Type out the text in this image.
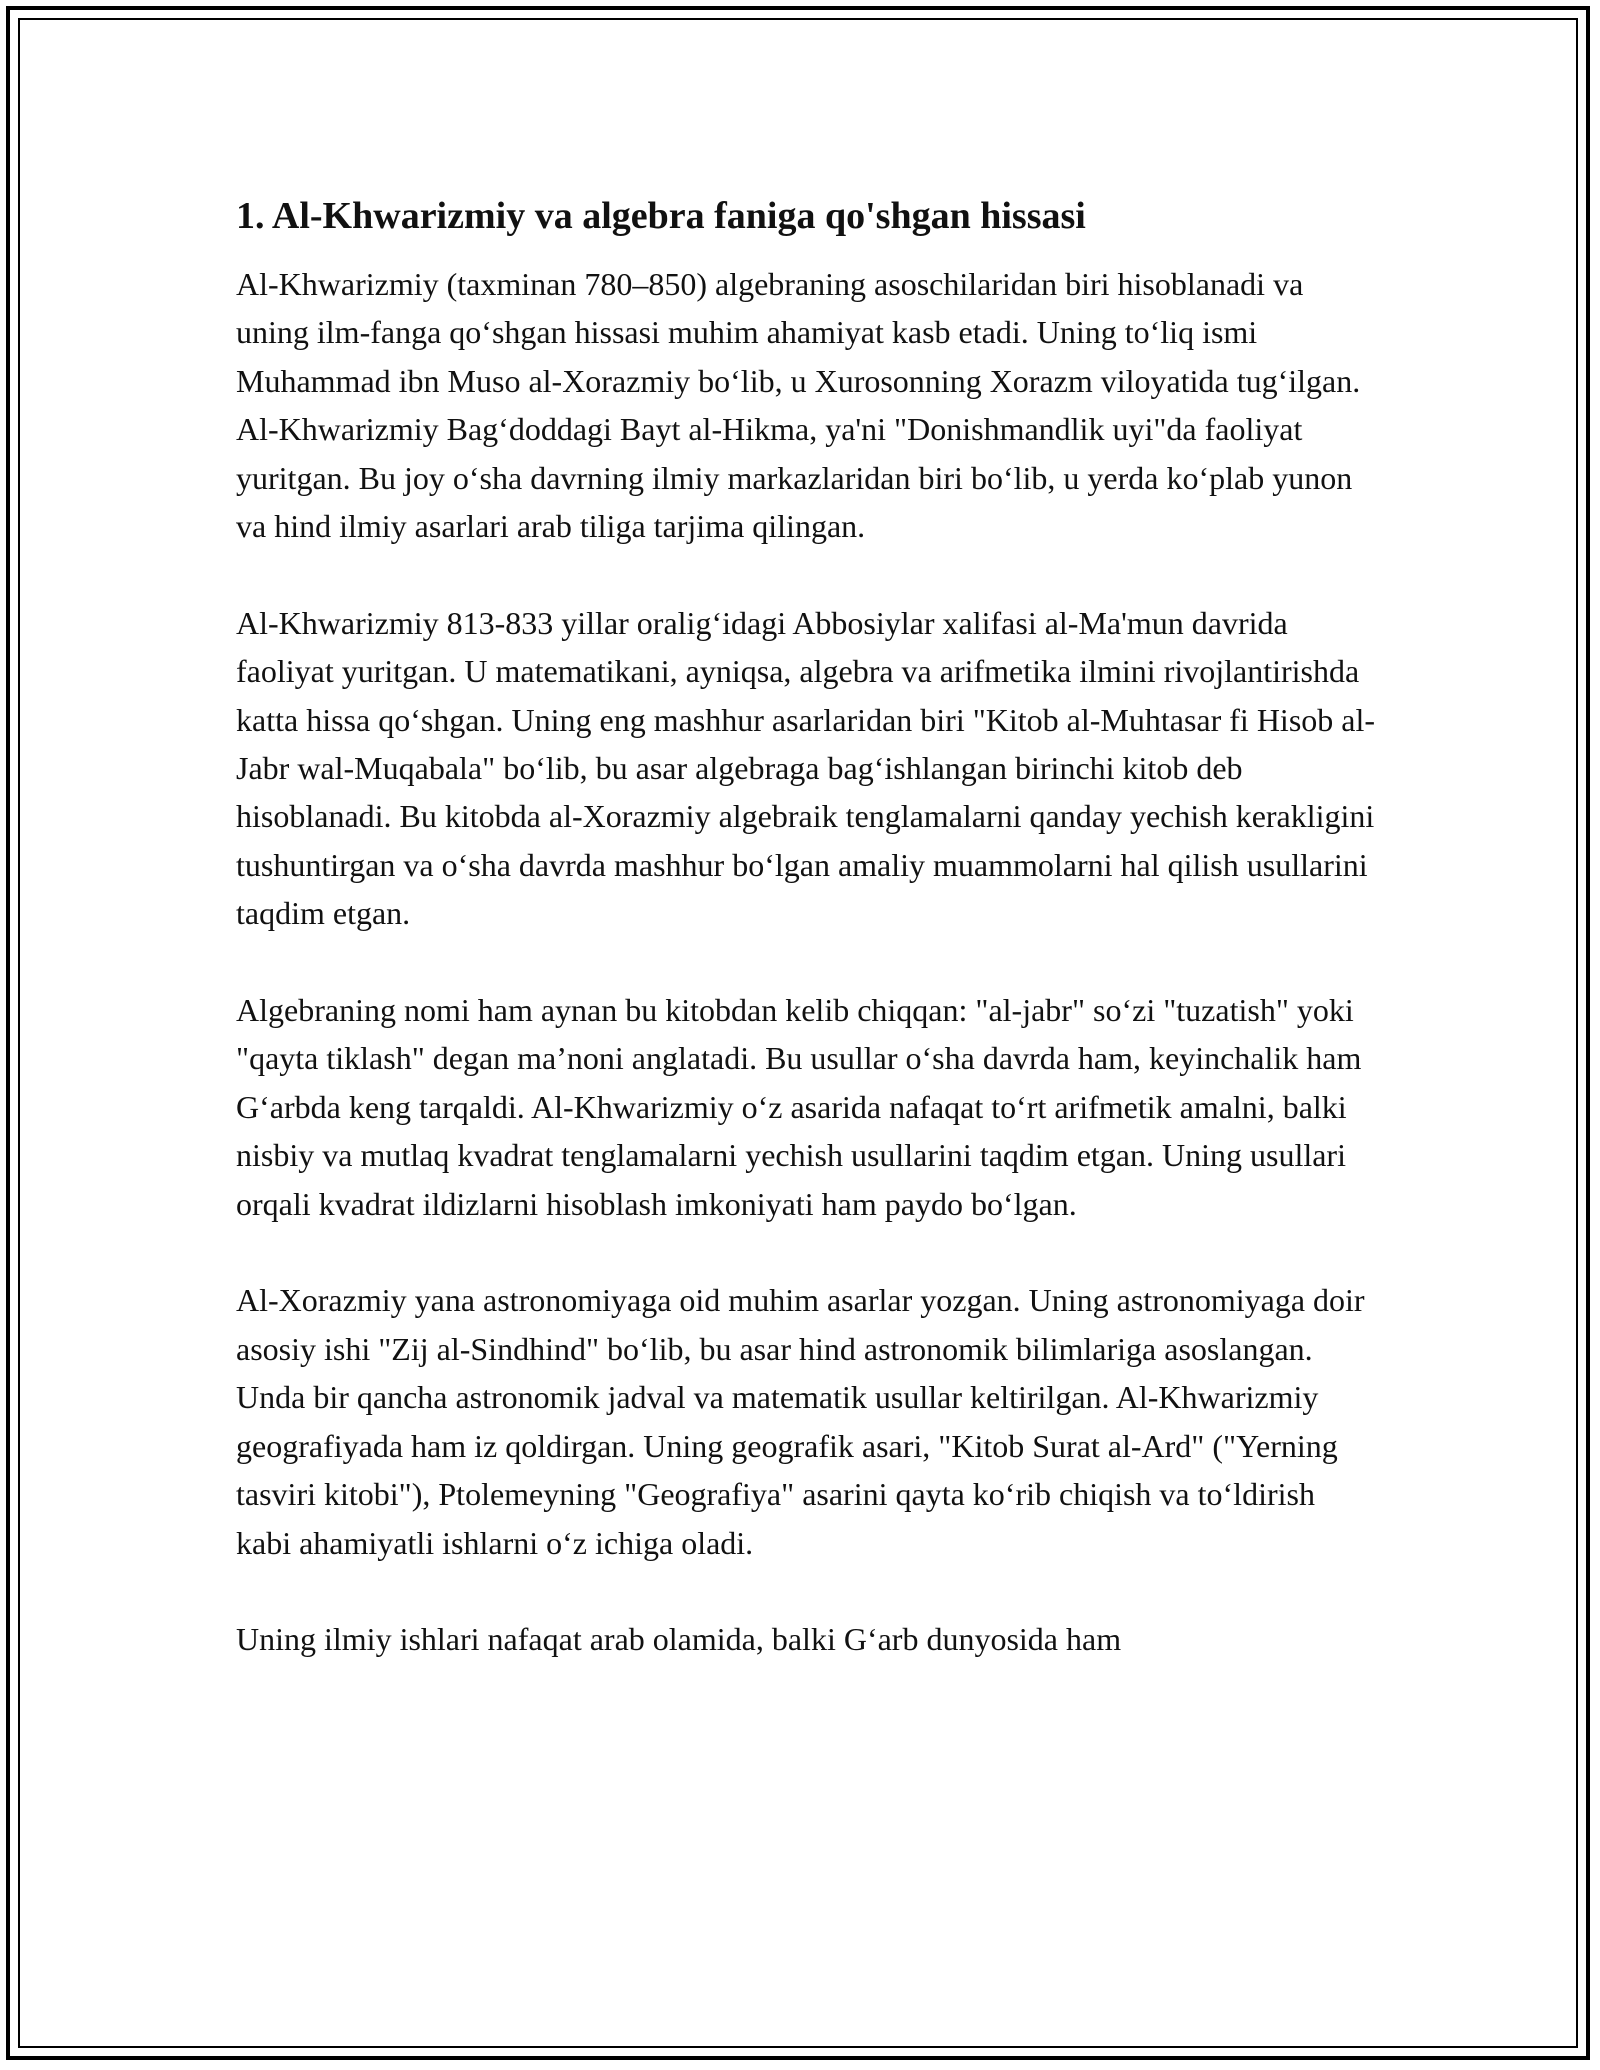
1. Al-Khwarizmiy va algebra faniga qo'shgan hissasi

Al-Khwarizmiy (taxminan 780–850) algebraning asoschilaridan biri hisoblanadi va uning ilm-fanga qo‘shgan hissasi muhim ahamiyat kasb etadi. Uning to‘liq ismi Muhammad ibn Muso al-Xorazmiy bo‘lib, u Xurosonning Xorazm viloyatida tug‘ilgan. Al-Khwarizmiy Bag‘doddagi Bayt al-Hikma, ya'ni "Donishmandlik uyi"da faoliyat yuritgan. Bu joy o‘sha davrning ilmiy markazlaridan biri bo‘lib, u yerda ko‘plab yunon va hind ilmiy asarlari arab tiliga tarjima qilingan.

Al-Khwarizmiy 813-833 yillar oralig‘idagi Abbosiylar xalifasi al-Ma'mun davrida faoliyat yuritgan. U matematikani, ayniqsa, algebra va arifmetika ilmini rivojlantirishda katta hissa qo‘shgan. Uning eng mashhur asarlaridan biri "Kitob al-Muhtasar fi Hisob al-Jabr wal-Muqabala" bo‘lib, bu asar algebraga bag‘ishlangan birinchi kitob deb hisoblanadi. Bu kitobda al-Xorazmiy algebraik tenglamalarni qanday yechish kerakligini tushuntirgan va o‘sha davrda mashhur bo‘lgan amaliy muammolarni hal qilish usullarini taqdim etgan.

Algebraning nomi ham aynan bu kitobdan kelib chiqqan: "al-jabr" so‘zi "tuzatish" yoki "qayta tiklash" degan ma’noni anglatadi. Bu usullar o‘sha davrda ham, keyinchalik ham G‘arbda keng tarqaldi. Al-Khwarizmiy o‘z asarida nafaqat to‘rt arifmetik amalni, balki nisbiy va mutlaq kvadrat tenglamalarni yechish usullarini taqdim etgan. Uning usullari orqali kvadrat ildizlarni hisoblash imkoniyati ham paydo bo‘lgan.

Al-Xorazmiy yana astronomiyaga oid muhim asarlar yozgan. Uning astronomiyaga doir asosiy ishi "Zij al-Sindhind" bo‘lib, bu asar hind astronomik bilimlariga asoslangan. Unda bir qancha astronomik jadval va matematik usullar keltirilgan. Al-Khwarizmiy geografiyada ham iz qoldirgan. Uning geografik asari, "Kitob Surat al-Ard" ("Yerning tasviri kitobi"), Ptolemeyning "Geografiya" asarini qayta ko‘rib chiqish va to‘ldirish kabi ahamiyatli ishlarni o‘z ichiga oladi.

Uning ilmiy ishlari nafaqat arab olamida, balki G‘arb dunyosida ham
